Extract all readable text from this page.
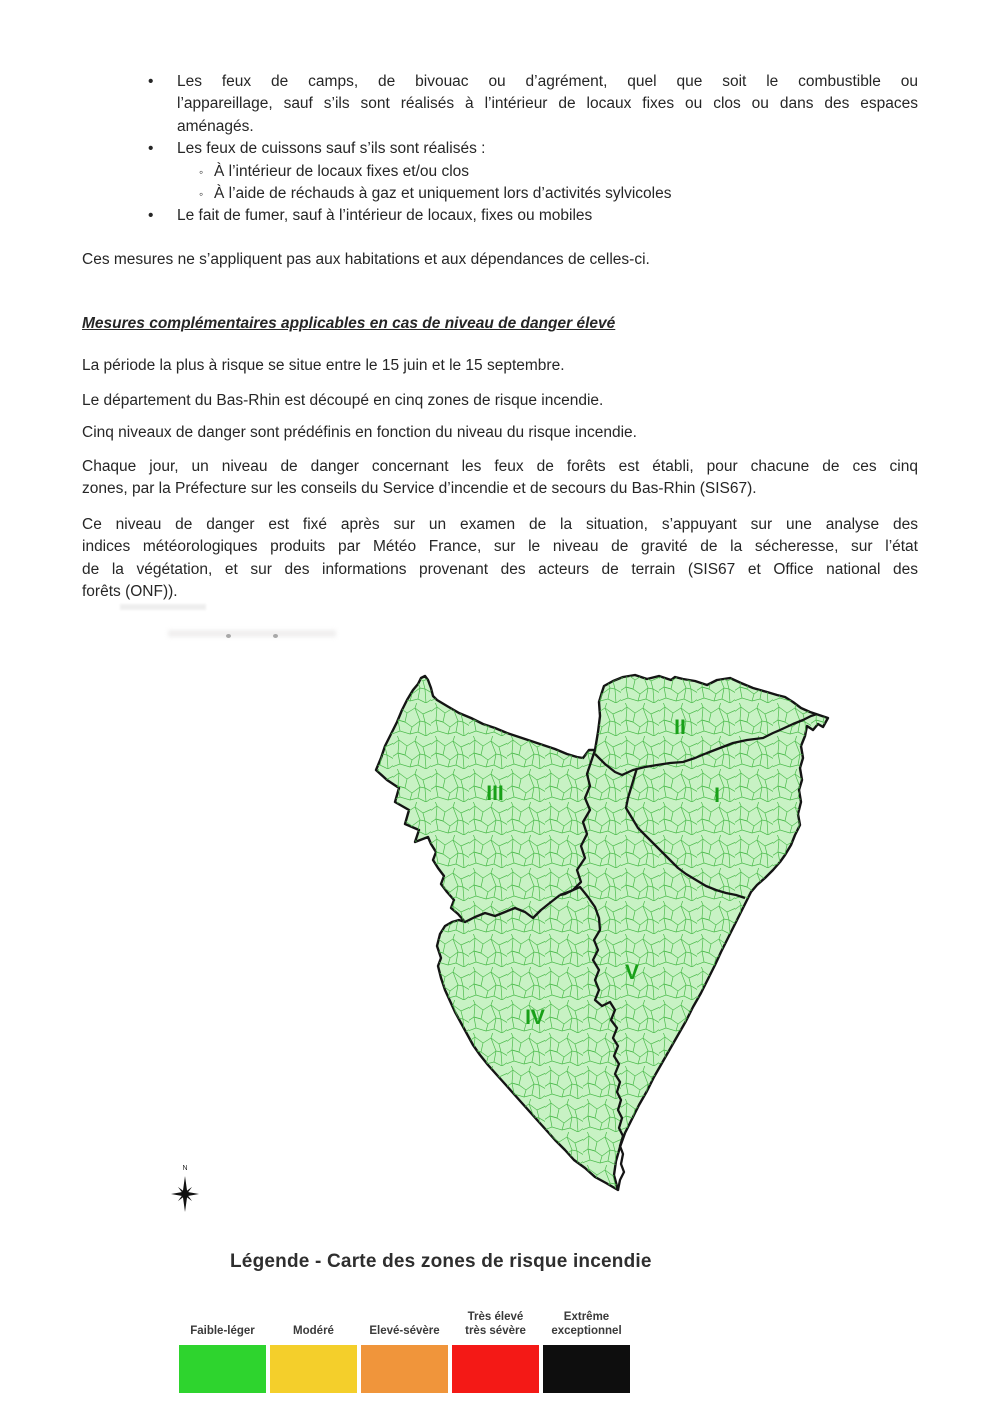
•	Les feux de camps, de bivouac ou d’agrément, quel que soit le combustible ou
l’appareillage, sauf s’ils sont réalisés à l’intérieur de locaux fixes ou clos ou dans des espaces
aménagés.
•	Les feux de cuissons sauf s’ils sont réalisés :
◦ À l’intérieur de locaux fixes et/ou clos
◦ À l’aide de réchauds à gaz et uniquement lors d’activités sylvicoles
•	Le fait de fumer, sauf à l’intérieur de locaux, fixes ou mobiles

Ces mesures ne s’appliquent pas aux habitations et aux dépendances de celles-ci.

Mesures complémentaires applicables en cas de niveau de danger élevé

La période la plus à risque se situe entre le 15 juin et le 15 septembre.

Le département du Bas-Rhin est découpé en cinq zones de risque incendie.

Cinq niveaux de danger sont prédéfinis en fonction du niveau du risque incendie.

Chaque jour, un niveau de danger concernant les feux de forêts est établi, pour chacune de ces cinq
zones, par la Préfecture sur les conseils du Service d’incendie et de secours du Bas-Rhin (SIS67).
Ce niveau de danger est fixé après sur un examen de la situation, s’appuyant sur une analyse des
indices météorologiques produits par Météo France, sur le niveau de gravité de la sécheresse, sur l’état
de la végétation, et sur des informations provenant des acteurs de terrain (SIS67 et Office national des
forêts (ONF)).
II
I
III
IV
V
N
Légende - Carte des zones de risque incendie
Faible-léger	Modéré	Elevé-sévère
Très élevé
très sévère
Extrême
exceptionnel
